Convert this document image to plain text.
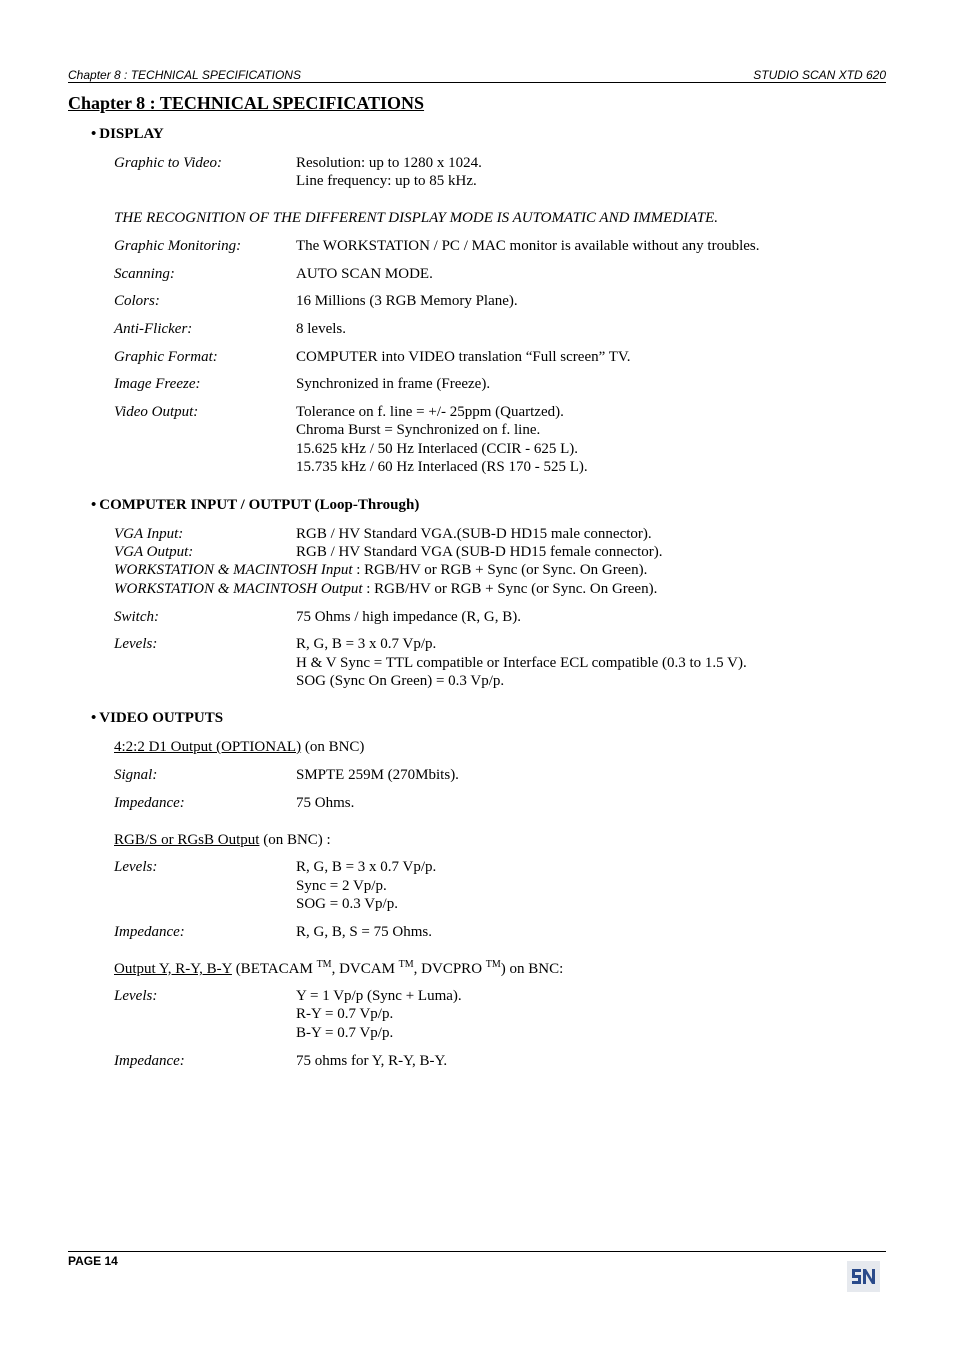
Chapter 8 : TECHNICAL SPECIFICATIONS	STUDIO SCAN XTD 620
Chapter 8 : TECHNICAL SPECIFICATIONS
• DISPLAY
Graphic to Video:	Resolution: up to 1280 x 1024.
Line frequency: up to 85 kHz.
THE RECOGNITION OF THE DIFFERENT DISPLAY MODE IS AUTOMATIC AND IMMEDIATE.
Graphic Monitoring:	The WORKSTATION / PC / MAC monitor is available without any troubles.
Scanning:	AUTO SCAN MODE.
Colors:	16 Millions (3 RGB Memory Plane).
Anti-Flicker:	8 levels.
Graphic Format:	COMPUTER into VIDEO translation “Full screen” TV.
Image Freeze:	Synchronized in frame (Freeze).
Video Output:	Tolerance on f. line = +/- 25ppm (Quartzed).
Chroma Burst = Synchronized on f. line.
15.625 kHz / 50 Hz Interlaced (CCIR - 625 L).
15.735 kHz / 60 Hz Interlaced (RS 170 - 525 L).
• COMPUTER INPUT / OUTPUT (Loop-Through)
VGA Input:	RGB / HV Standard VGA.(SUB-D HD15 male connector).
VGA Output:	RGB / HV Standard VGA (SUB-D HD15 female connector).
WORKSTATION & MACINTOSH Input : RGB/HV or RGB + Sync (or Sync. On Green).
WORKSTATION & MACINTOSH Output : RGB/HV or RGB + Sync (or Sync. On Green).
Switch:	75 Ohms / high impedance (R, G, B).
Levels:	R, G, B = 3 x 0.7 Vp/p.
H & V Sync = TTL compatible or Interface ECL compatible (0.3 to 1.5 V).
SOG (Sync On Green) = 0.3 Vp/p.
• VIDEO OUTPUTS
4:2:2 D1 Output (OPTIONAL) (on BNC)
Signal:	SMPTE 259M (270Mbits).
Impedance:	75 Ohms.
RGB/S or RGsB Output (on BNC) :
Levels:	R, G, B = 3 x 0.7 Vp/p.
Sync = 2 Vp/p.
SOG = 0.3 Vp/p.
Impedance:	R, G, B, S = 75 Ohms.
Output Y, R-Y, B-Y (BETACAM ™, DVCAM ™, DVCPRO ™) on BNC:
Levels:	Y = 1 Vp/p (Sync + Luma).
R-Y = 0.7 Vp/p.
B-Y = 0.7 Vp/p.
Impedance:	75 ohms for Y, R-Y, B-Y.
PAGE 14
